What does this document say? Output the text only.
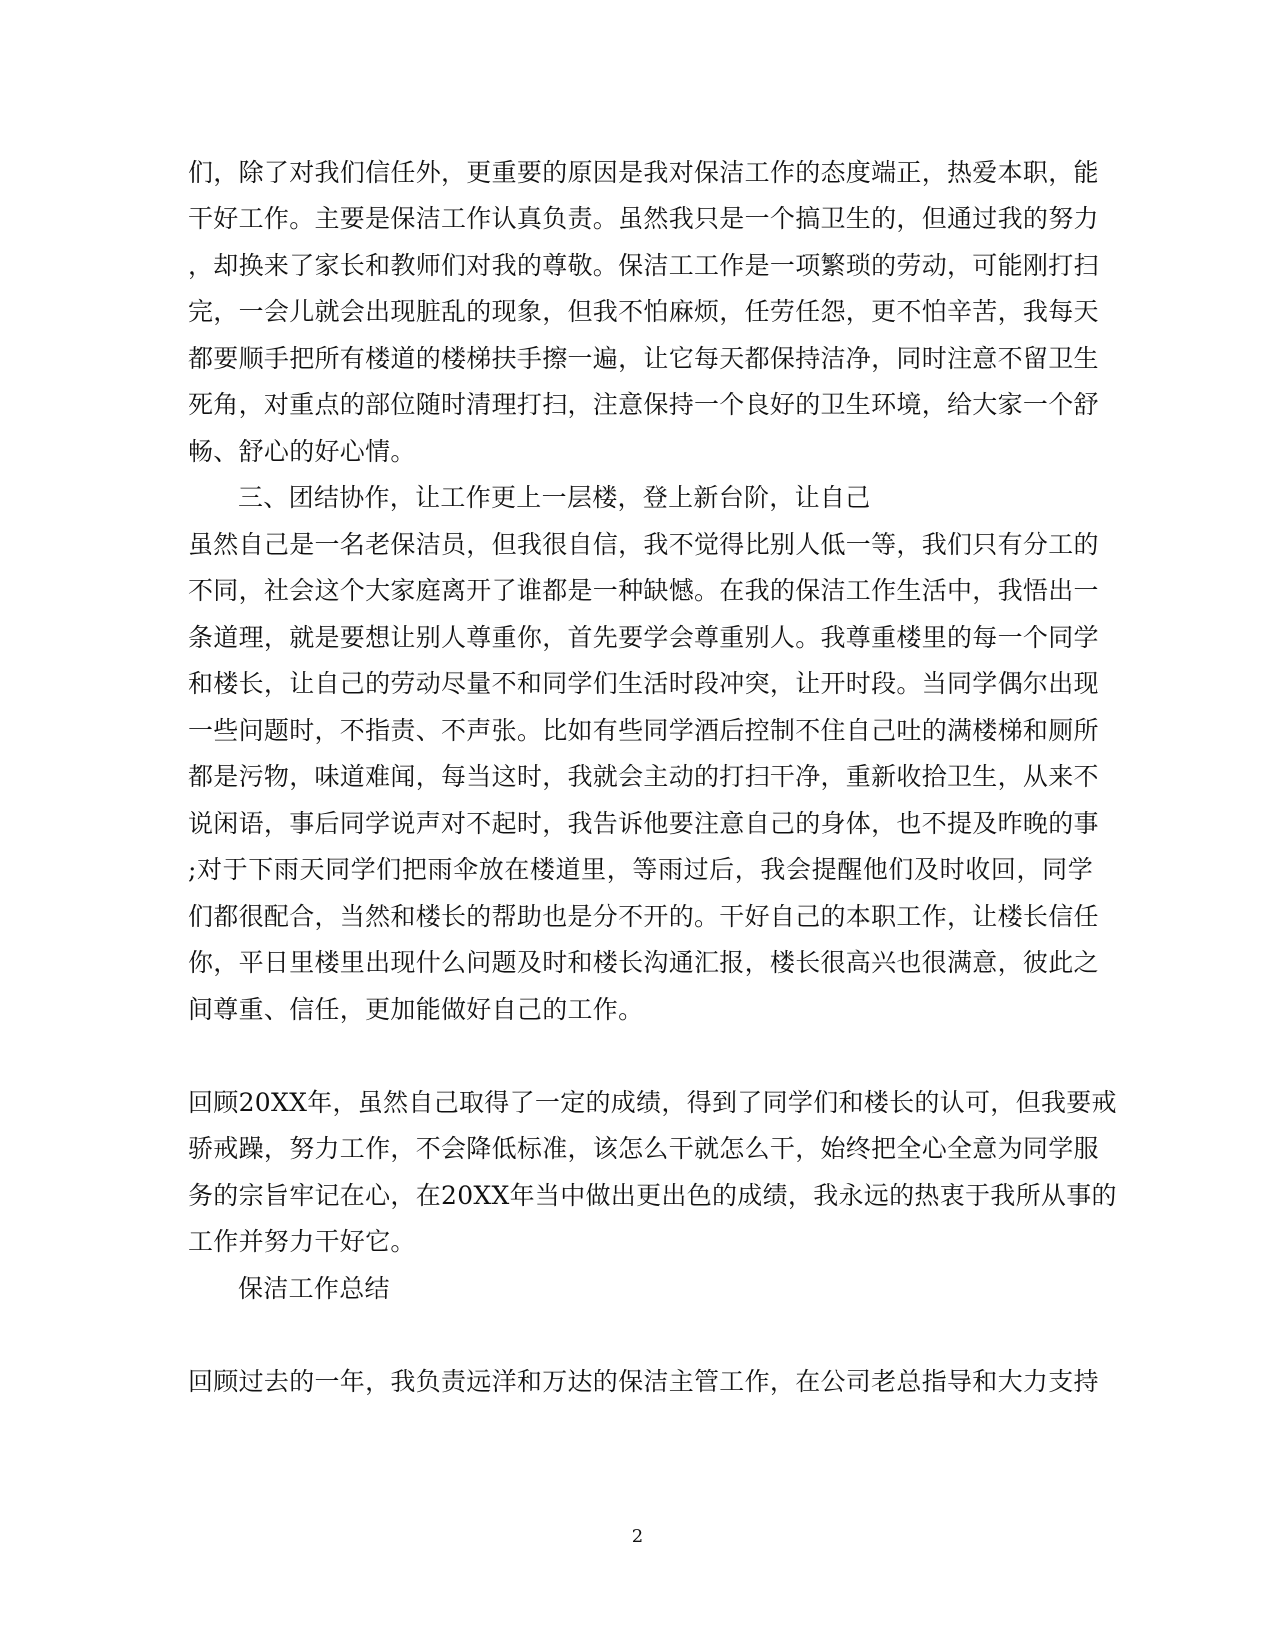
们，除了对我们信任外，更重要的原因是我对保洁工作的态度端正，热爱本职，能
干好工作。主要是保洁工作认真负责。虽然我只是一个搞卫生的，但通过我的努力
，却换来了家长和教师们对我的尊敬。保洁工工作是一项繁琐的劳动，可能刚打扫
完，一会儿就会出现脏乱的现象，但我不怕麻烦，任劳任怨，更不怕辛苦，我每天
都要顺手把所有楼道的楼梯扶手擦一遍，让它每天都保持洁净，同时注意不留卫生
死角，对重点的部位随时清理打扫，注意保持一个良好的卫生环境，给大家一个舒
畅、舒心的好心情。
三、团结协作，让工作更上一层楼，登上新台阶，让自己
虽然自己是一名老保洁员，但我很自信，我不觉得比别人低一等，我们只有分工的
不同，社会这个大家庭离开了谁都是一种缺憾。在我的保洁工作生活中，我悟出一
条道理，就是要想让别人尊重你，首先要学会尊重别人。我尊重楼里的每一个同学
和楼长，让自己的劳动尽量不和同学们生活时段冲突，让开时段。当同学偶尔出现
一些问题时，不指责、不声张。比如有些同学酒后控制不住自己吐的满楼梯和厕所
都是污物，味道难闻，每当这时，我就会主动的打扫干净，重新收拾卫生，从来不
说闲语，事后同学说声对不起时，我告诉他要注意自己的身体，也不提及昨晚的事
;对于下雨天同学们把雨伞放在楼道里，等雨过后，我会提醒他们及时收回，同学
们都很配合，当然和楼长的帮助也是分不开的。干好自己的本职工作，让楼长信任
你，平日里楼里出现什么问题及时和楼长沟通汇报，楼长很高兴也很满意，彼此之
间尊重、信任，更加能做好自己的工作。
回顾20XX年，虽然自己取得了一定的成绩，得到了同学们和楼长的认可，但我要戒
骄戒躁，努力工作，不会降低标准，该怎么干就怎么干，始终把全心全意为同学服
务的宗旨牢记在心，在20XX年当中做出更出色的成绩，我永远的热衷于我所从事的
工作并努力干好它。
保洁工作总结
回顾过去的一年，我负责远洋和万达的保洁主管工作，在公司老总指导和大力支持
2
